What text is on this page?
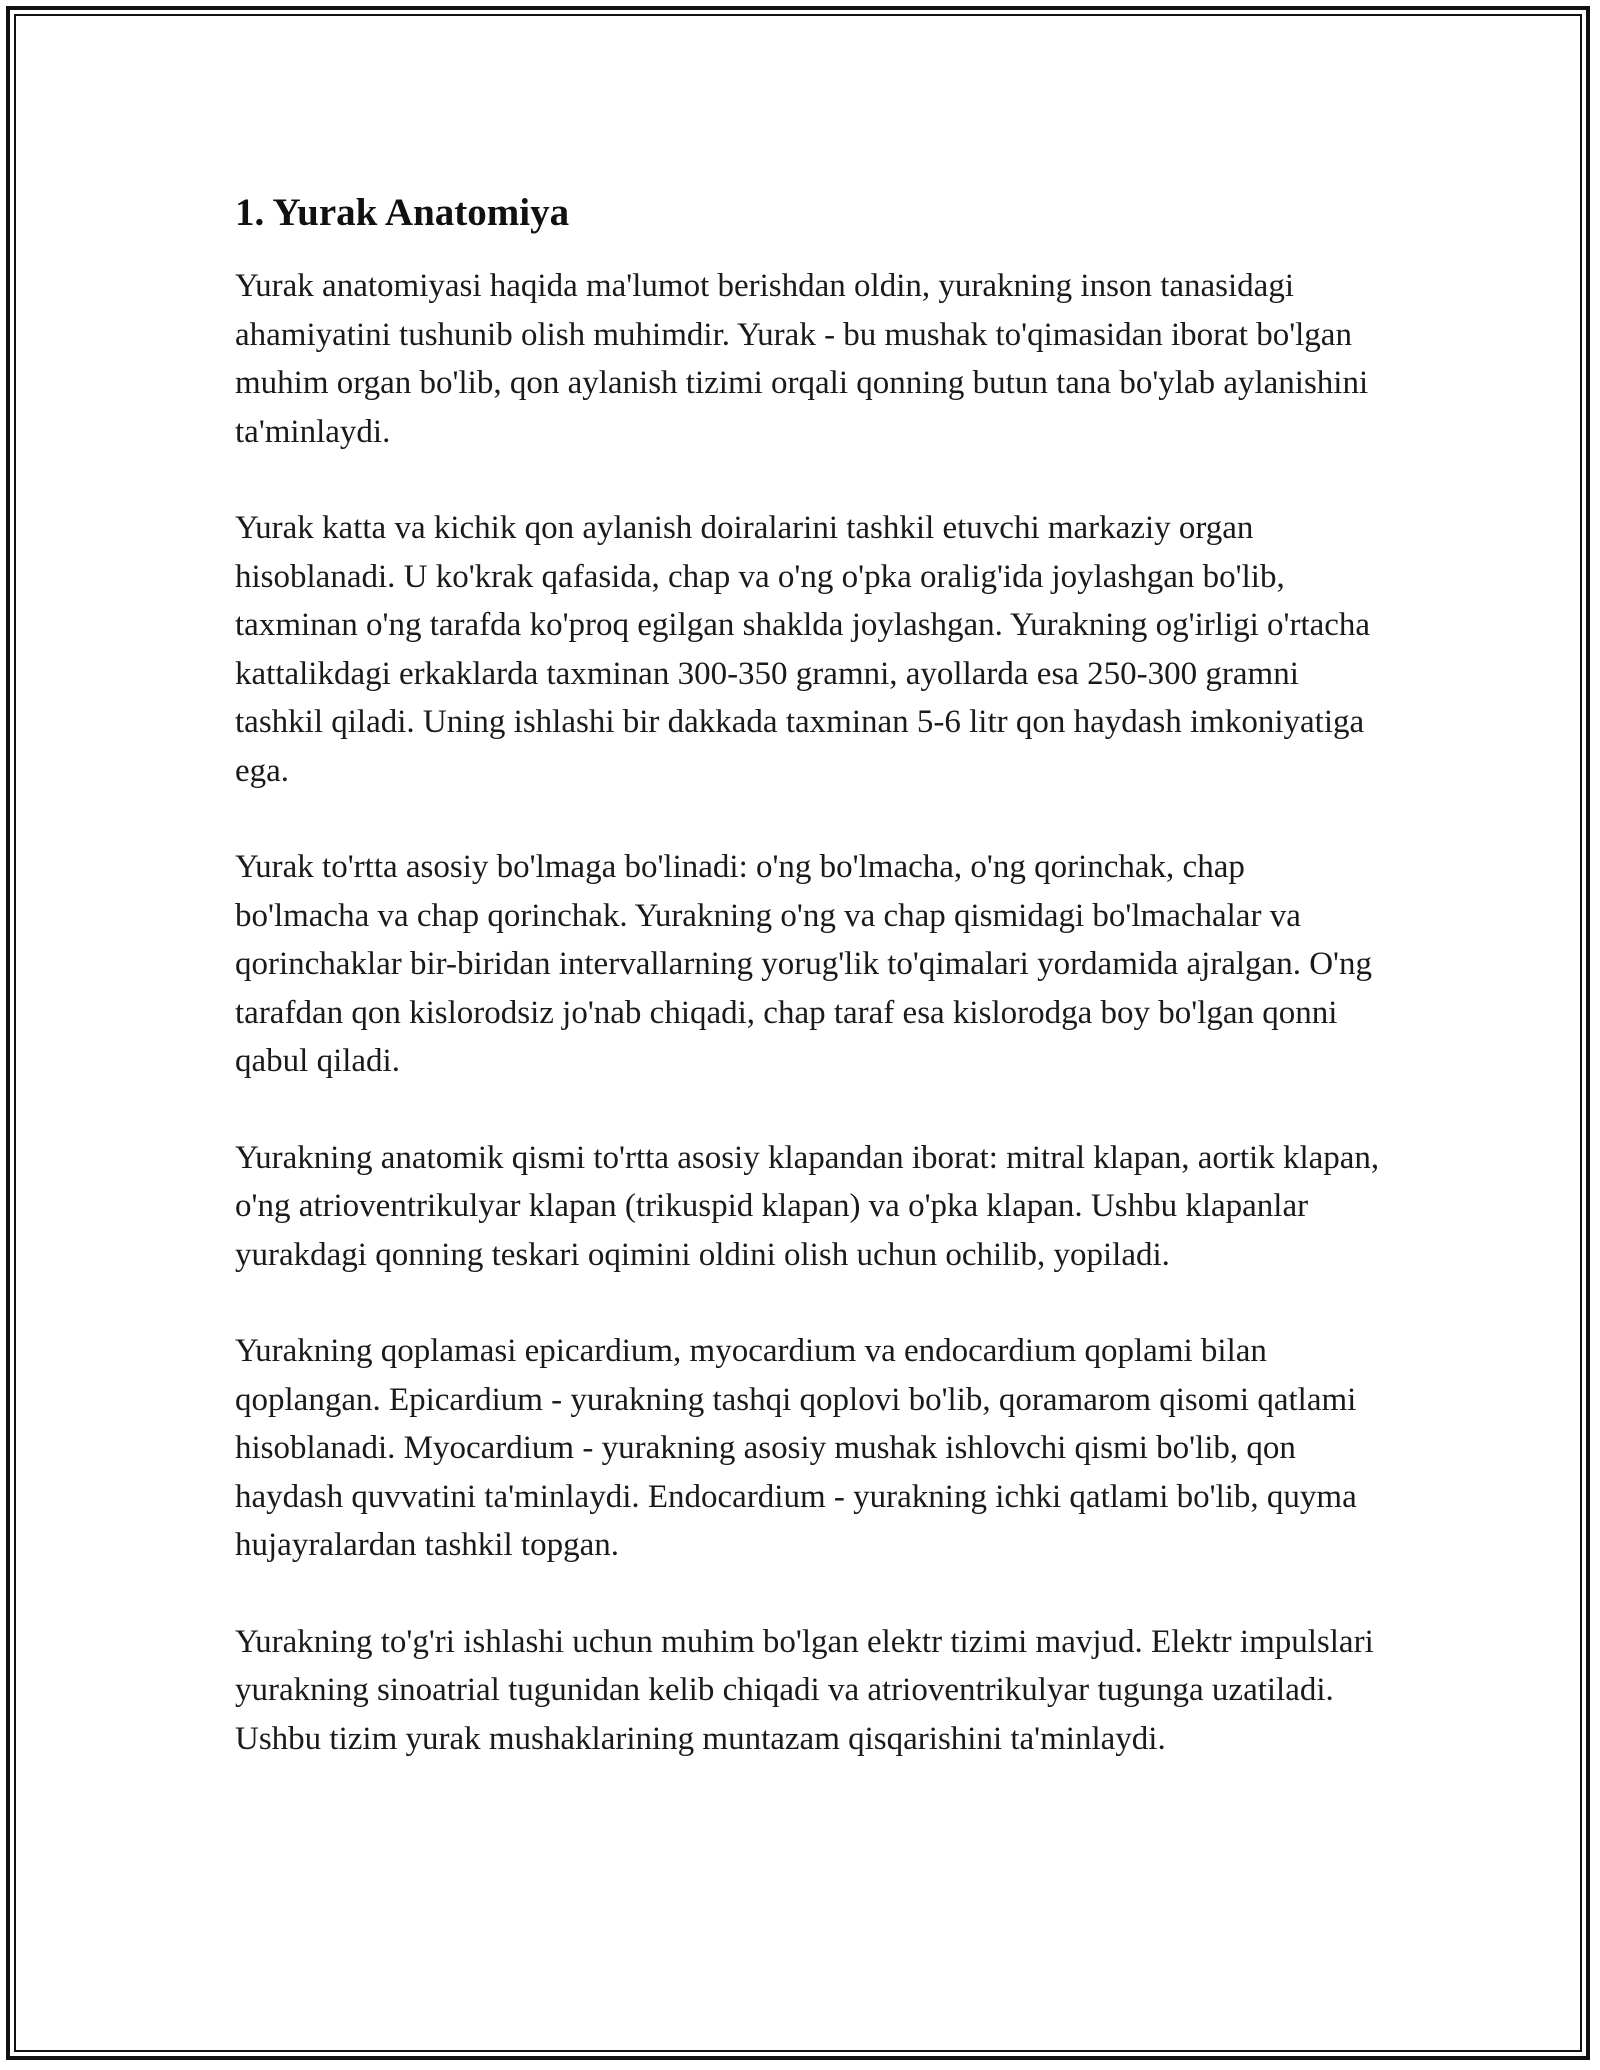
1. Yurak Anatomiya

Yurak anatomiyasi haqida ma'lumot berishdan oldin, yurakning inson tanasidagi ahamiyatini tushunib olish muhimdir. Yurak - bu mushak to'qimasidan iborat bo'lgan muhim organ bo'lib, qon aylanish tizimi orqali qonning butun tana bo'ylab aylanishini ta'minlaydi.

Yurak katta va kichik qon aylanish doiralarini tashkil etuvchi markaziy organ hisoblanadi. U ko'krak qafasida, chap va o'ng o'pka oralig'ida joylashgan bo'lib, taxminan o'ng tarafda ko'proq egilgan shaklda joylashgan. Yurakning og'irligi o'rtacha kattalikdagi erkaklarda taxminan 300-350 gramni, ayollarda esa 250-300 gramni tashkil qiladi. Uning ishlashi bir dakkada taxminan 5-6 litr qon haydash imkoniyatiga ega.

Yurak to'rtta asosiy bo'lmaga bo'linadi: o'ng bo'lmacha, o'ng qorinchak, chap bo'lmacha va chap qorinchak. Yurakning o'ng va chap qismidagi bo'lmachalar va qorinchaklar bir-biridan intervallarning yorug'lik to'qimalari yordamida ajralgan. O'ng tarafdan qon kislorodsiz jo'nab chiqadi, chap taraf esa kislorodga boy bo'lgan qonni qabul qiladi.

Yurakning anatomik qismi to'rtta asosiy klapandan iborat: mitral klapan, aortik klapan, o'ng atrioventrikulyar klapan (trikuspid klapan) va o'pka klapan. Ushbu klapanlar yurakdagi qonning teskari oqimini oldini olish uchun ochilib, yopiladi.

Yurakning qoplamasi epicardium, myocardium va endocardium qoplami bilan qoplangan. Epicardium - yurakning tashqi qoplovi bo'lib, qoramarom qisomi qatlami hisoblanadi. Myocardium - yurakning asosiy mushak ishlovchi qismi bo'lib, qon haydash quvvatini ta'minlaydi. Endocardium - yurakning ichki qatlami bo'lib, quyma hujayralardan tashkil topgan.

Yurakning to'g'ri ishlashi uchun muhim bo'lgan elektr tizimi mavjud. Elektr impulslari yurakning sinoatrial tugunidan kelib chiqadi va atrioventrikulyar tugunga uzatiladi. Ushbu tizim yurak mushaklarining muntazam qisqarishini ta'minlaydi.
